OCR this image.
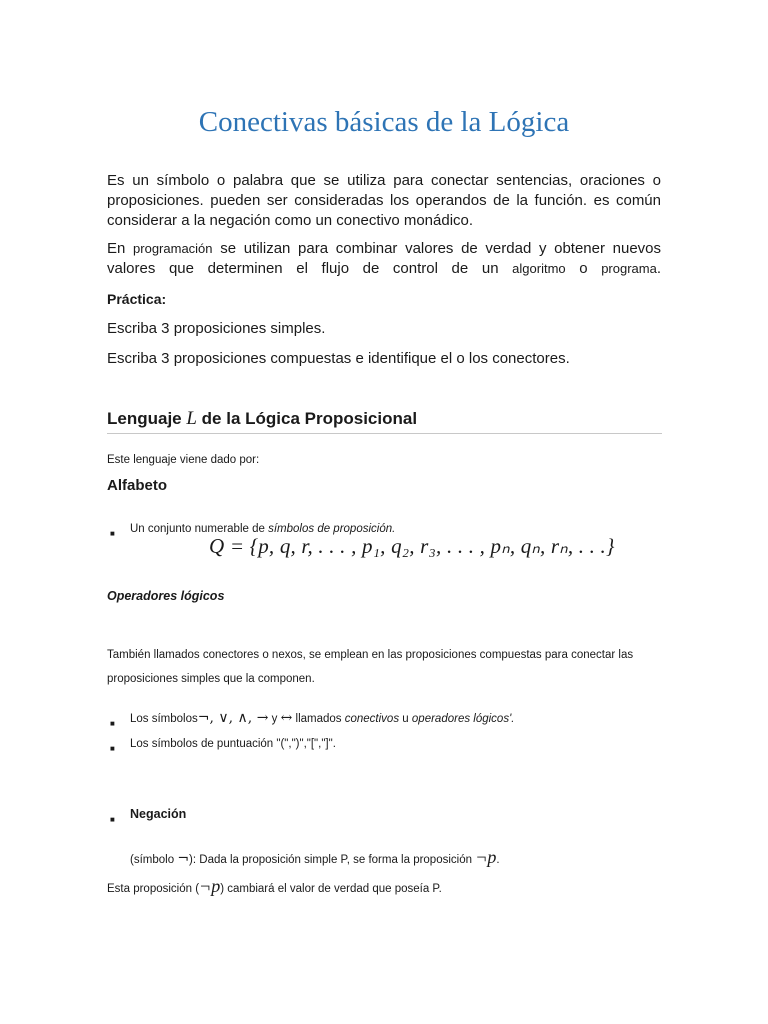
Conectivas básicas de la Lógica

Es un símbolo o palabra que se utiliza para conectar sentencias, oraciones o proposiciones. pueden ser consideradas los operandos de la función. es común considerar a la negación como un conectivo monádico.

En programación se utilizan para combinar valores de verdad y obtener nuevos valores que determinen el flujo de control de un algoritmo o programa.

Práctica:
Escriba 3 proposiciones simples.
Escriba 3 proposiciones compuestas e identifique el o los conectores.
Lenguaje L de la Lógica Proposicional
Este lenguaje viene dado por:
Alfabeto
■ Un conjunto numerable de símbolos de proposición.
Q = {p, q, r, . . . , p₁, q₂, r₃, . . . , pₙ, qₙ, rₙ, . . .}
Operadores lógicos
También llamados conectores o nexos, se emplean en las proposiciones compuestas para conectar las
proposiciones simples que la componen.
■ Los símbolos¬, ∨, ∧, → y ↔ llamados conectivos u operadores lógicos'.
■ Los símbolos de puntuación "(",")","[","]".
■ Negación
(símbolo ¬): Dada la proposición simple P, se forma la proposición ¬p.
Esta proposición (¬p) cambiará el valor de verdad que poseía P.
